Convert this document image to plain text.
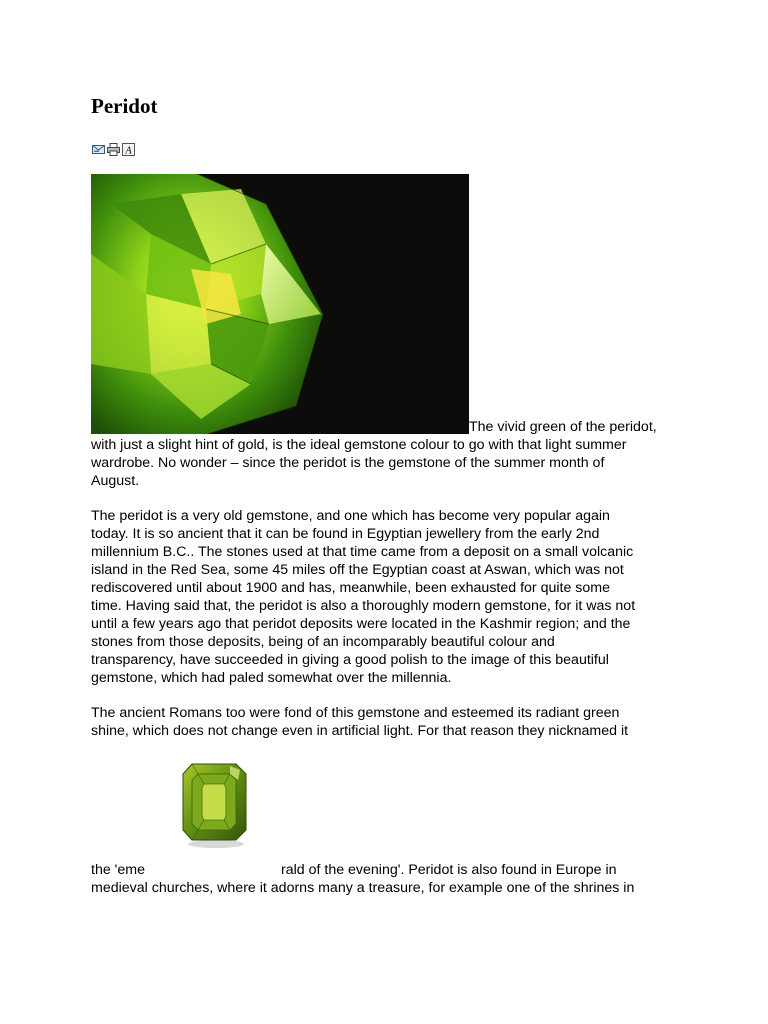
Peridot
A

The vivid green of the peridot,

with just a slight hint of gold, is the ideal gemstone colour to go with that light summer

wardrobe. No wonder – since the peridot is the gemstone of the summer month of

August.

The peridot is a very old gemstone, and one which has become very popular again

today. It is so ancient that it can be found in Egyptian jewellery from the early 2nd

millennium B.C.. The stones used at that time came from a deposit on a small volcanic

island in the Red Sea, some 45 miles off the Egyptian coast at Aswan, which was not

rediscovered until about 1900 and has, meanwhile, been exhausted for quite some

time. Having said that, the peridot is also a thoroughly modern gemstone, for it was not

until a few years ago that peridot deposits were located in the Kashmir region; and the

stones from those deposits, being of an incomparably beautiful colour and

transparency, have succeeded in giving a good polish to the image of this beautiful

gemstone, which had paled somewhat over the millennia.

The ancient Romans too were fond of this gemstone and esteemed its radiant green

shine, which does not change even in artificial light. For that reason they nicknamed it

the 'eme	rald of the evening'. Peridot is also found in Europe in

medieval churches, where it adorns many a treasure, for example one of the shrines in
